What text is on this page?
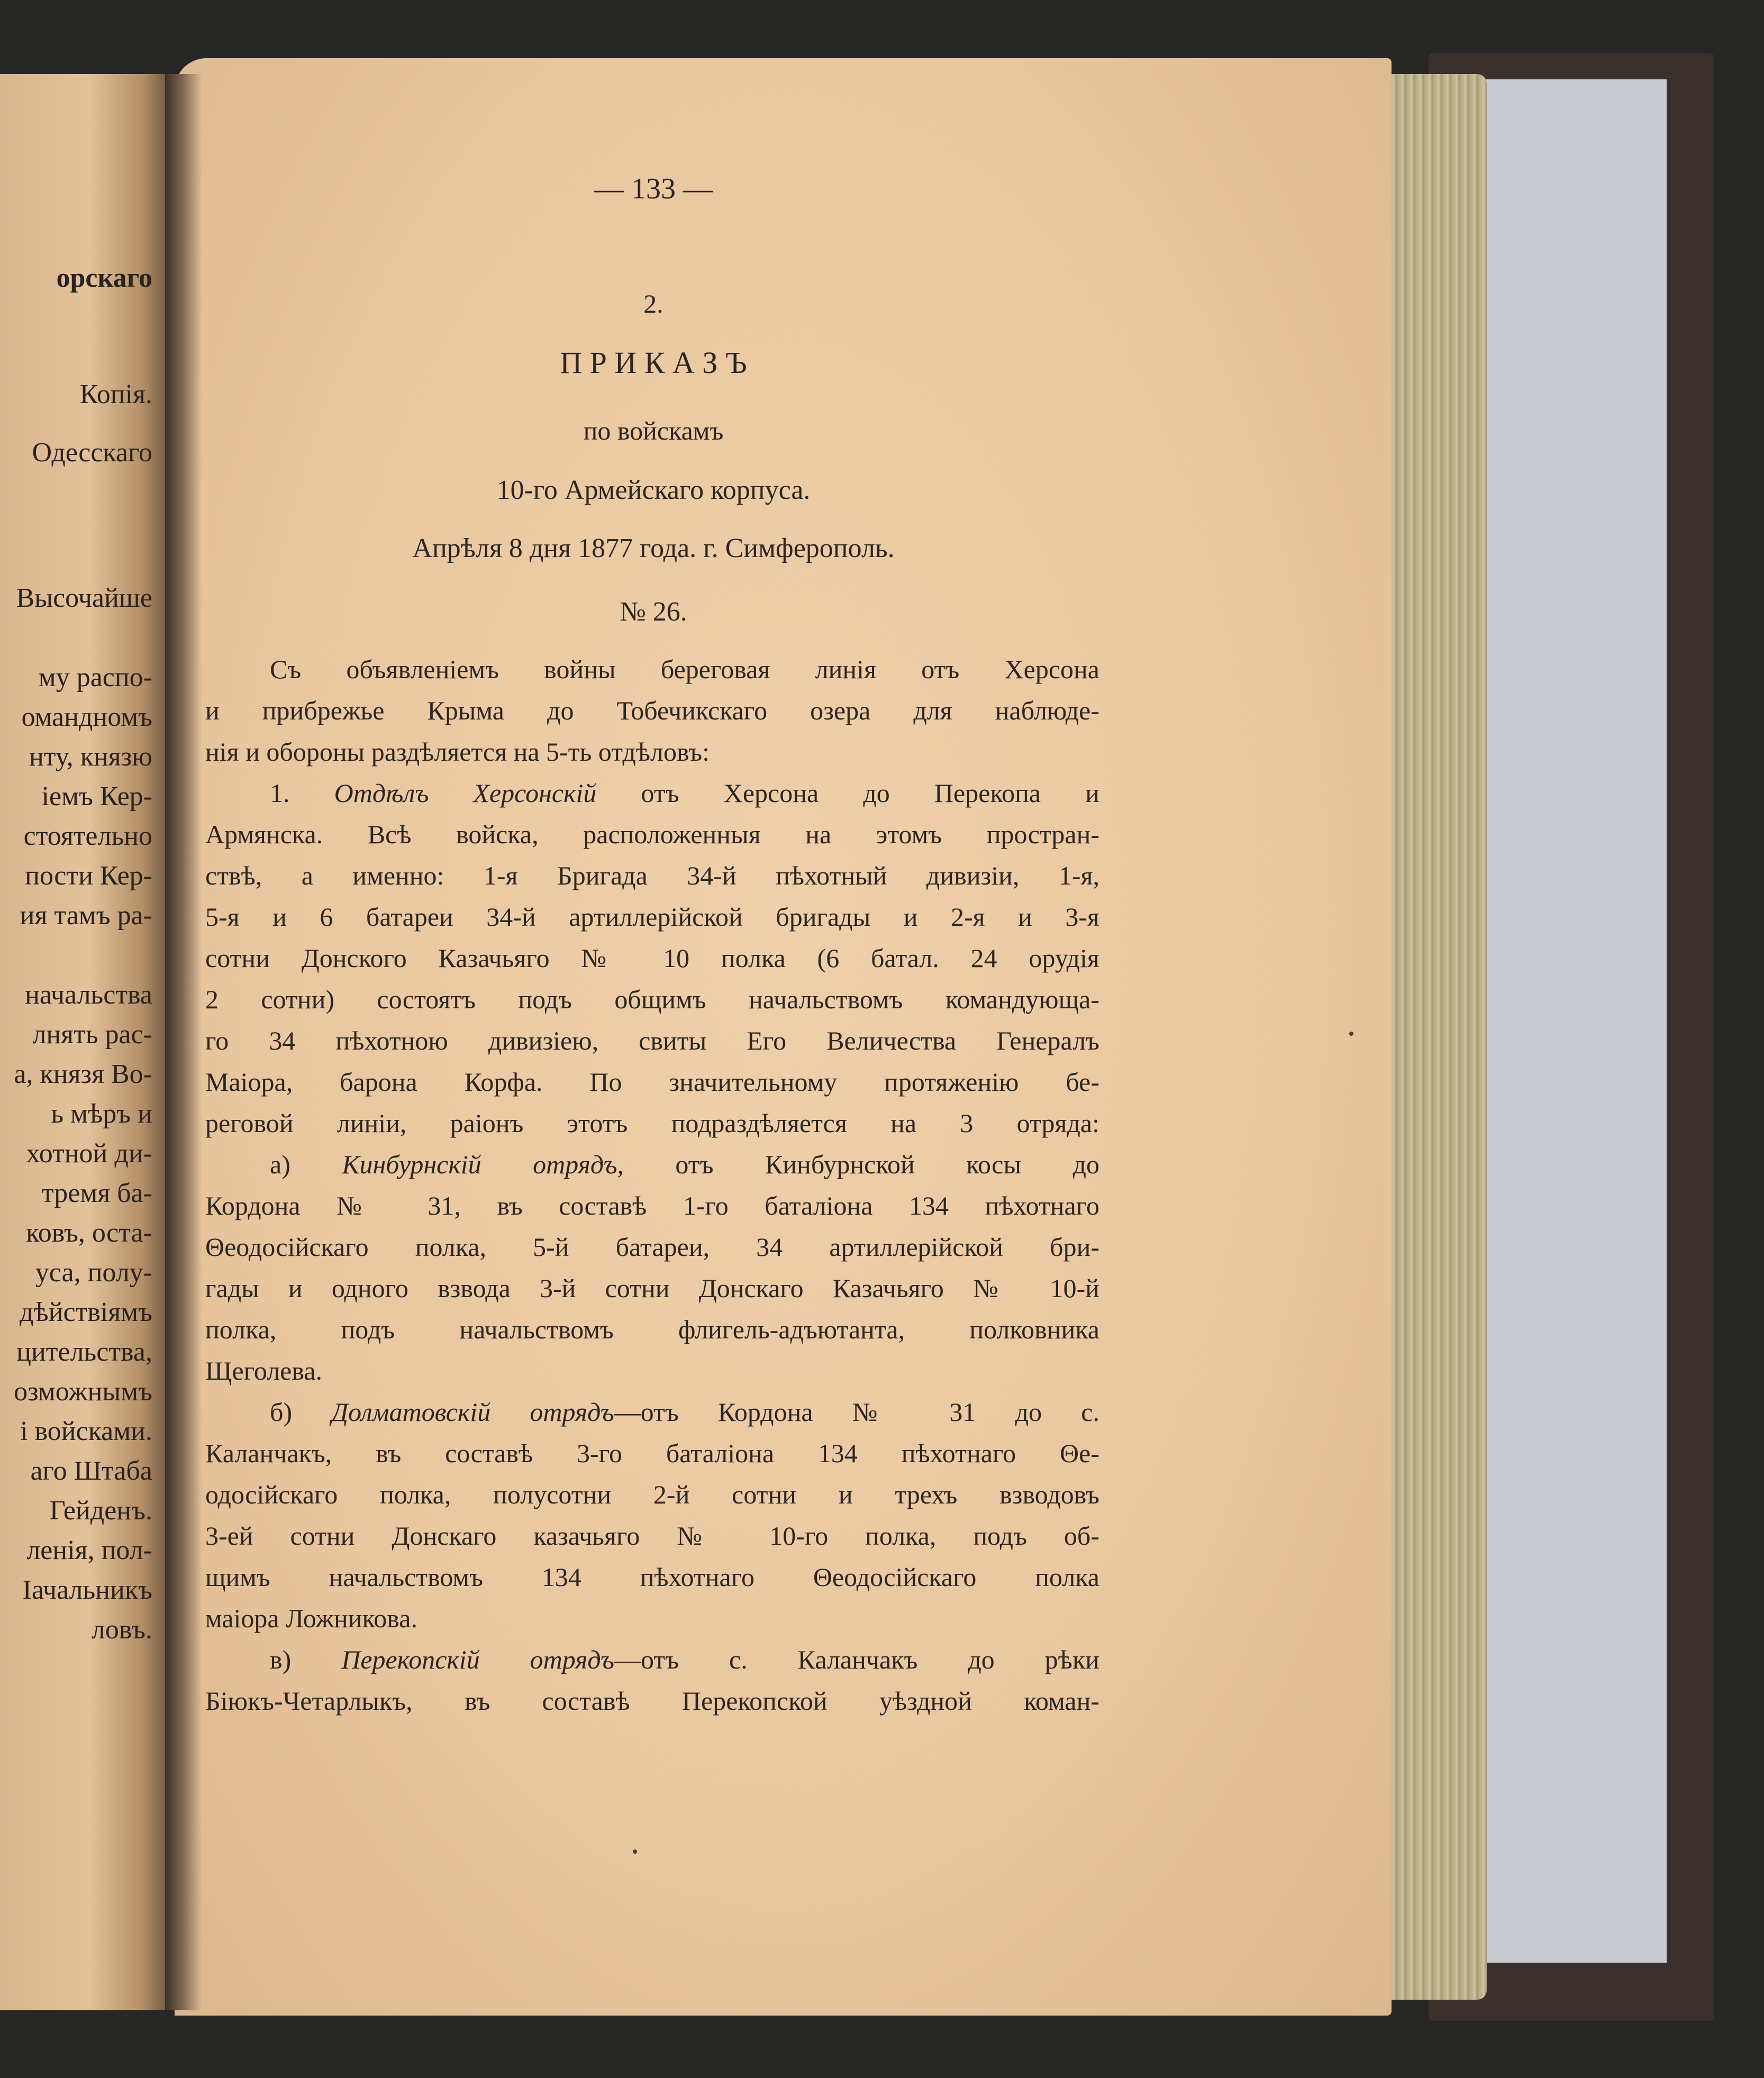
орскаго
Копія.
Одесскаго
Высочайше
му распо-
омандномъ
нту, князю
іемъ Кер-
стоятельно
пости Кер-
ия тамъ ра-
начальства
лнять рас-
а, князя Во-
ь мѣръ и
хотной ди-
тремя ба-
ковъ, оста-
уса, полу-
дѣйствіямъ
цительства,
озможнымъ
і войсками.
аго Штаба
Гейденъ.
ленія, пол-
Іачальникъ
ловъ.
— 133 —
2.
П Р И К А З Ъ
по войскамъ
10-го Армейскаго корпуса.
Апрѣля 8 дня 1877 года. г. Симферополь.
№ 26.
Съ объявленіемъ войны береговая линія отъ Херсона
и прибрежье Крыма до Тобечикскаго озера для наблюде-
нія и обороны раздѣляется на 5-ть отдѣловъ:
1. Отдѣлъ Херсонскій отъ Херсона до Перекопа и
Армянска. Всѣ войска, расположенныя на этомъ простран-
ствѣ, а именно: 1-я Бригада 34-й пѣхотный дивизіи, 1-я,
5-я и 6 батареи 34-й артиллерійской бригады и 2-я и 3-я
сотни Донского Казачьяго № 10 полка (6 батал. 24 орудія
2 сотни) состоятъ подъ общимъ начальствомъ командующа-
го 34 пѣхотною дивизіею, свиты Его Величества Генералъ
Маіора, барона Корфа. По значительному протяженію бе-
реговой линіи, раіонъ этотъ подраздѣляется на 3 отряда:
а) Кинбурнскій отрядъ, отъ Кинбурнской косы до
Кордона № 31, въ составѣ 1-го баталіона 134 пѣхотнаго
Θеодосійскаго полка, 5-й батареи, 34 артиллерійской бри-
гады и одного взвода 3-й сотни Донскаго Казачьяго № 10-й
полка, подъ начальствомъ флигель-адъютанта, полковника
Щеголева.
б) Долматовскій отрядъ—отъ Кордона № 31 до с.
Каланчакъ, въ составѣ 3-го баталіона 134 пѣхотнаго Θе-
одосійскаго полка, полусотни 2-й сотни и трехъ взводовъ
3-ей сотни Донскаго казачьяго № 10-го полка, подъ об-
щимъ начальствомъ 134 пѣхотнаго Θеодосійскаго полка
маіора Ложникова.
в) Перекопскій отрядъ—отъ с. Каланчакъ до рѣки
Біюкъ-Четарлыкъ, въ составѣ Перекопской уѣздной коман-
